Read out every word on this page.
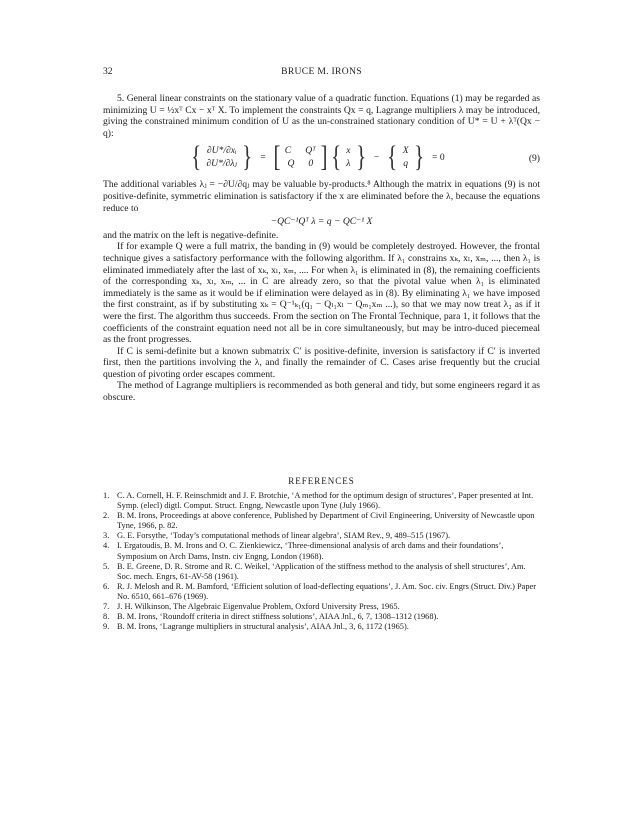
32	BRUCE M. IRONS

5. General linear constraints on the stationary value of a quadratic function. Equations (1) may be regarded as minimizing U = ½xᵀ Cx − xᵀ X. To implement the constraints Qx = q, Lagrange multipliers λ may be introduced, giving the constrained minimum condition of U as the un-constrained stationary condition of U* = U + λᵀ(Qx − q):

{ ∂U*/∂xᵢ
∂U*/∂λⱼ } = [ C Qᵀ
Q 0 ] { x
λ } − { X
q } = 0	(9)

The additional variables λⱼ = −∂U/∂qⱼ may be valuable by-products.⁸ Although the matrix in equations (9) is not positive-definite, symmetric elimination is satisfactory if the x are eliminated before the λ, because the equations reduce to

−QC⁻¹Qᵀ λ = q − QC⁻¹ X

and the matrix on the left is negative-definite.

If for example Q were a full matrix, the banding in (9) would be completely destroyed. However, the frontal technique gives a satisfactory performance with the following algorithm. If λ₁ constrains xₖ, xₗ, xₘ, ..., then λ₁ is eliminated immediately after the last of xₖ, xₗ, xₘ, .... For when λ₁ is eliminated in (8), the remaining coefficients of the corresponding xₖ, xₗ, xₘ, ... in C are already zero, so that the pivotal value when λ₁ is eliminated immediately is the same as it would be if elimination were delayed as in (8). By eliminating λ₁ we have imposed the first constraint, as if by substituting xₖ = Q⁻¹ₖ₁(q₁ − Qₗ₁xₗ − Qₘ₁xₘ ...), so that we may now treat λ₂ as if it were the first. The algorithm thus succeeds. From the section on The Frontal Technique, para 1, it follows that the coefficients of the constraint equation need not all be in core simultaneously, but may be intro-duced piecemeal as the front progresses.

If C is semi-definite but a known submatrix C′ is positive-definite, inversion is satisfactory if C′ is inverted first, then the partitions involving the λ, and finally the remainder of C. Cases arise frequently but the crucial question of pivoting order escapes comment.

The method of Lagrange multipliers is recommended as both general and tidy, but some engineers regard it as obscure.

REFERENCES
1. C. A. Cornell, H. F. Reinschmidt and J. F. Brotchie, ‘A method for the optimum design of structures’, Paper presented at Int. Symp. (elecl) digtl. Comput. Struct. Engng, Newcastle upon Tyne (July 1966).
2. B. M. Irons, Proceedings at above conference, Published by Department of Civil Engineering, University of Newcastle upon Tyne, 1966, p. 82.
3. G. E. Forsythe, ‘Today’s computational methods of linear algebra’, SIAM Rev., 9, 489–515 (1967).
4. I. Ergatoudis, B. M. Irons and O. C. Zienkiewicz, ‘Three-dimensional analysis of arch dams and their foundations’, Symposium on Arch Dams, Instn. civ Engng, London (1968).
5. B. E. Greene, D. R. Strome and R. C. Weikel, ‘Application of the stiffness method to the analysis of shell structures’, Am. Soc. mech. Engrs, 61-AV-58 (1961).
6. R. J. Melosh and R. M. Bamford, ‘Efficient solution of load-deflecting equations’, J. Am. Soc. civ. Engrs (Struct. Div.) Paper No. 6510, 661–676 (1969).
7. J. H. Wilkinson, The Algebraic Eigenvalue Problem, Oxford University Press, 1965.
8. B. M. Irons, ‘Roundoff criteria in direct stiffness solutions’, AIAA Jnl., 6, 7, 1308–1312 (1968).
9. B. M. Irons, ‘Lagrange multipliers in structural analysis’, AIAA Jnl., 3, 6, 1172 (1965).
